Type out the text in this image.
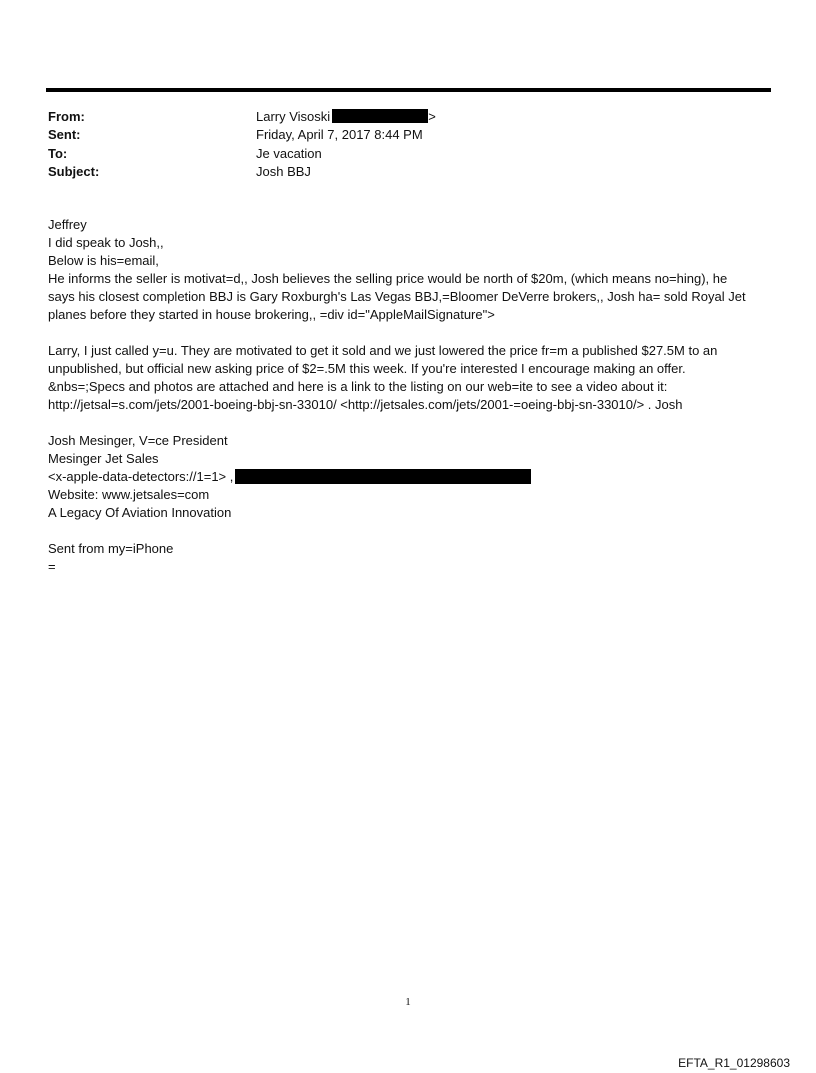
From:	Larry Visoski	>
Sent:	Friday, April 7, 2017 8:44 PM
To:	Je vacation
Subject:	Josh BBJ
Jeffrey
I did speak to Josh,,
Below is his=email,
He informs the seller is motivat=d,, Josh believes the selling price would be north of $20m, (which means no=hing), he
says his closest completion BBJ is Gary Roxburgh's Las Vegas BBJ,=Bloomer DeVerre brokers,, Josh ha= sold Royal Jet
planes before they started in house brokering,, =div id="AppleMailSignature">
Larry, I just called y=u. They are motivated to get it sold and we just lowered the price fr=m a published $27.5M to an
unpublished, but official new asking price of $2=.5M this week. If you're interested I encourage making an offer.
&nbs=;Specs and photos are attached and here is a link to the listing on our web=ite to see a video about it:
http://jetsal=s.com/jets/2001-boeing-bbj-sn-33010/ <http://jetsales.com/jets/2001-=oeing-bbj-sn-33010/> . Josh
Josh Mesinger, V=ce President
Mesinger Jet Sales
<x-apple-data-detectors://1=1> ,
Website: www.jetsales=com
A Legacy Of Aviation Innovation
Sent from my=iPhone
=
1
EFTA_R1_01298603
